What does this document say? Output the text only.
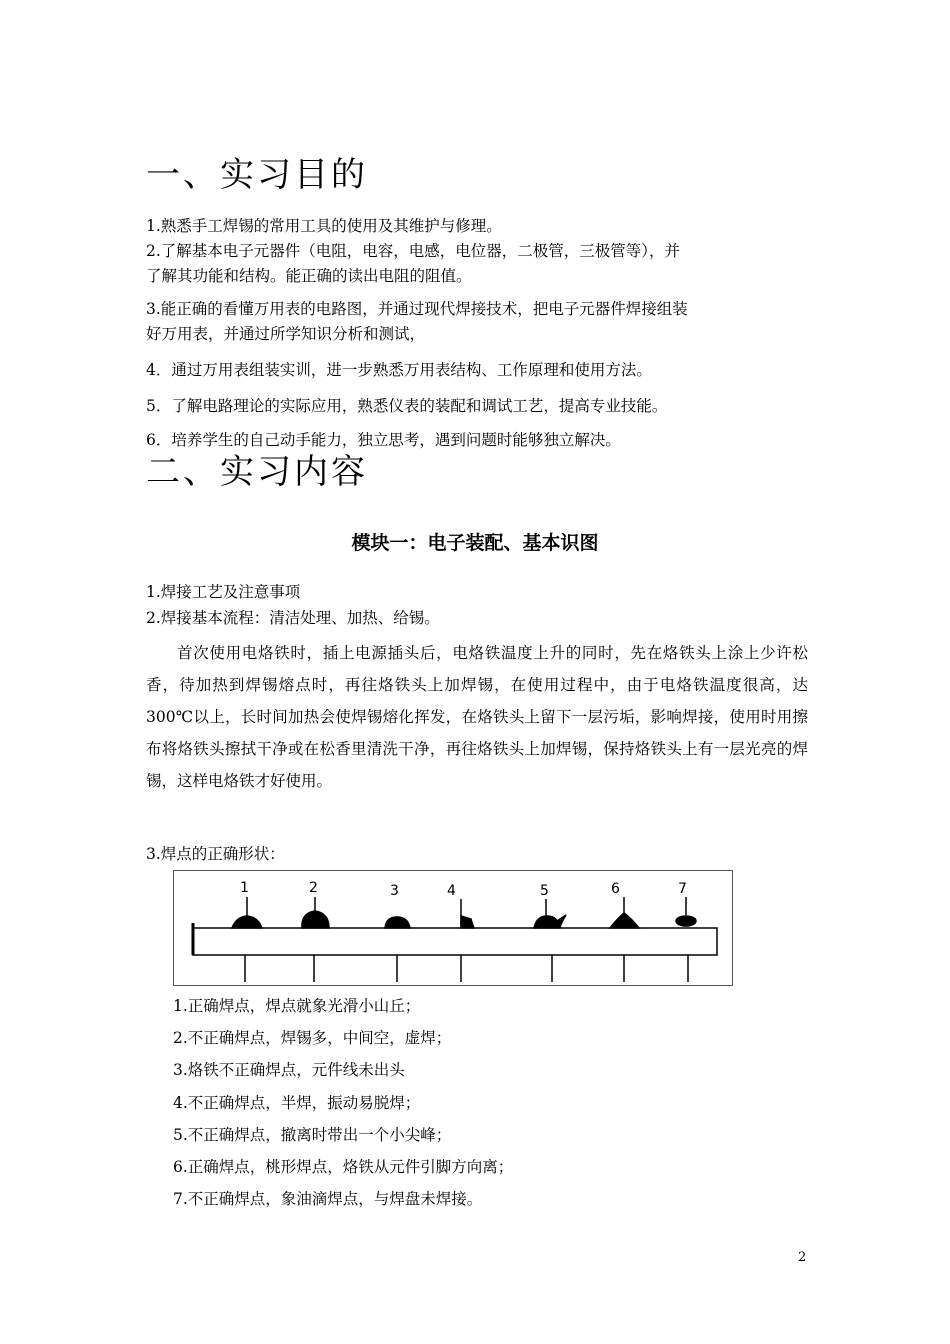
一、实习目的
1.熟悉手工焊锡的常用工具的使用及其维护与修理。
2.了解基本电子元器件（电阻，电容，电感，电位器，二极管，三极管等），并
了解其功能和结构。能正确的读出电阻的阻值。
3.能正确的看懂万用表的电路图，并通过现代焊接技术，把电子元器件焊接组装
好万用表，并通过所学知识分析和测试，
4．通过万用表组装实训，进一步熟悉万用表结构、工作原理和使用方法。
5．了解电路理论的实际应用，熟悉仪表的装配和调试工艺，提高专业技能。
6．培养学生的自己动手能力，独立思考，遇到问题时能够独立解决。
二、实习内容
模块一：电子装配、基本识图
1.焊接工艺及注意事项
2.焊接基本流程：清洁处理、加热、给锡。
首次使用电烙铁时，插上电源插头后，电烙铁温度上升的同时，先在烙铁头上涂上少许松香，待加热到焊锡熔点时，再往烙铁头上加焊锡，在使用过程中，由于电烙铁温度很高，达 300℃以上，长时间加热会使焊锡熔化挥发，在烙铁头上留下一层污垢，影响焊接，使用时用擦布将烙铁头擦拭干净或在松香里清洗干净，再往烙铁头上加焊锡，保持烙铁头上有一层光亮的焊锡，这样电烙铁才好使用。
3.焊点的正确形状：
1	2	3	4	5	6	7
1.正确焊点，焊点就象光滑小山丘；
2.不正确焊点，焊锡多，中间空，虚焊；
3.烙铁不正确焊点，元件线未出头
4.不正确焊点，半焊，振动易脱焊；
5.不正确焊点，撤离时带出一个小尖峰；
6.正确焊点，桃形焊点，烙铁从元件引脚方向离；
7.不正确焊点，象油滴焊点，与焊盘未焊接。
2
